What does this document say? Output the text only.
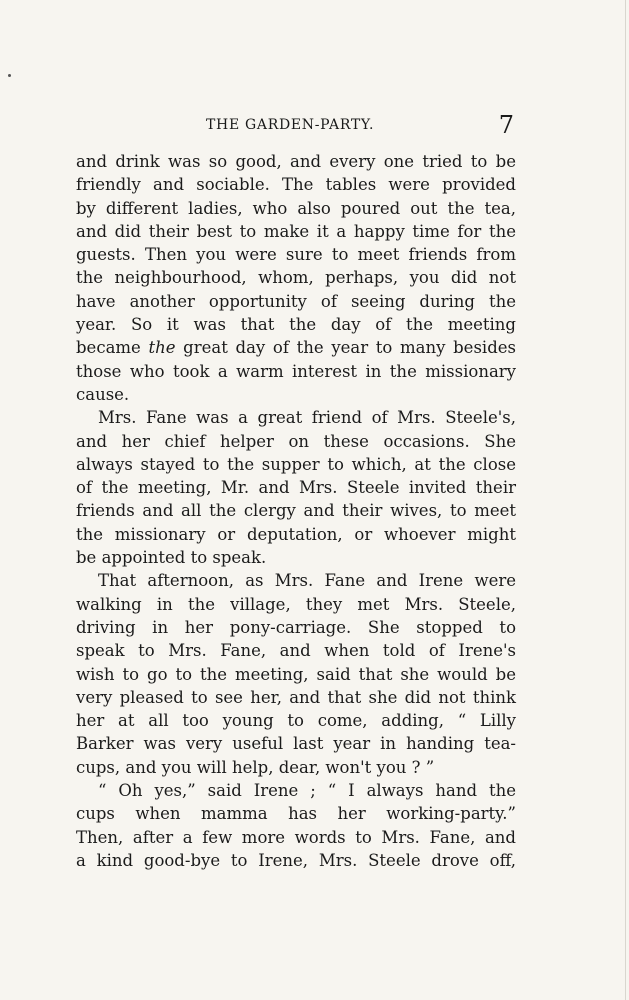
THE GARDEN-PARTY.	7
and drink was so good, and every one tried to be
friendly and sociable. The tables were provided
by different ladies, who also poured out the tea,
and did their best to make it a happy time for the
guests. Then you were sure to meet friends from
the neighbourhood, whom, perhaps, you did not
have another opportunity of seeing during the
year. So it was that the day of the meeting
became the great day of the year to many besides
those who took a warm interest in the missionary
cause.
Mrs. Fane was a great friend of Mrs. Steele's,
and her chief helper on these occasions. She
always stayed to the supper to which, at the close
of the meeting, Mr. and Mrs. Steele invited their
friends and all the clergy and their wives, to meet
the missionary or deputation, or whoever might
be appointed to speak.
That afternoon, as Mrs. Fane and Irene were
walking in the village, they met Mrs. Steele,
driving in her pony-carriage. She stopped to
speak to Mrs. Fane, and when told of Irene's
wish to go to the meeting, said that she would be
very pleased to see her, and that she did not think
her at all too young to come, adding, “ Lilly
Barker was very useful last year in handing tea-
cups, and you will help, dear, won't you ? ”
“ Oh yes,” said Irene ; “ I always hand the
cups when mamma has her working-party.”
Then, after a few more words to Mrs. Fane, and
a kind good-bye to Irene, Mrs. Steele drove off,
